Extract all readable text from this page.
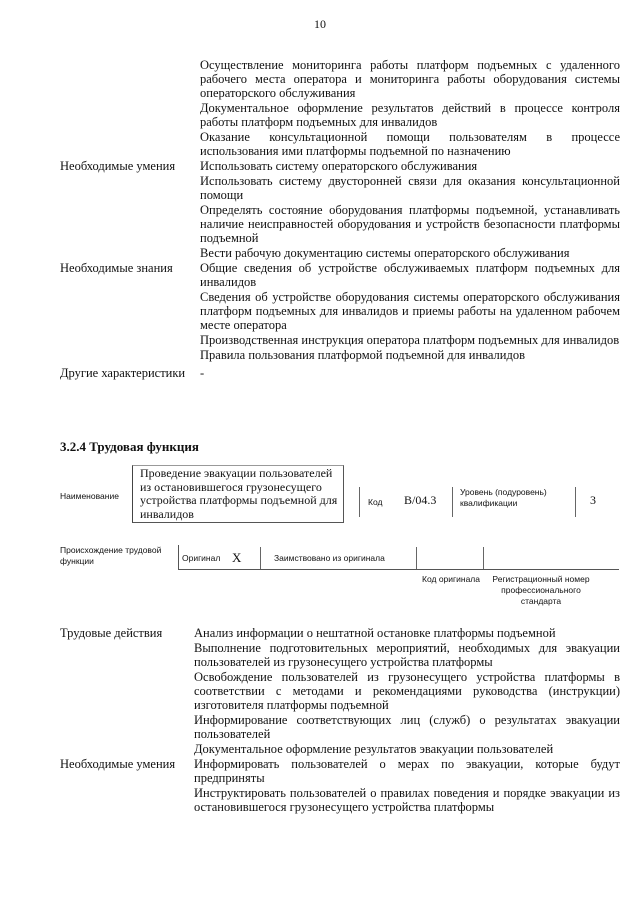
10
Осуществление мониторинга работы платформ подъемных с удаленного рабочего места оператора и мониторинга работы оборудования системы операторского обслуживания
Документальное оформление результатов действий в процессе контроля работы платформ подъемных для инвалидов
Оказание консультационной помощи пользователям в процессе использования ими платформы подъемной по назначению
Необходимые умения	Использовать систему операторского обслуживания
Использовать систему двусторонней связи для оказания консультационной помощи
Определять состояние оборудования платформы подъемной, устанавливать наличие неисправностей оборудования и устройств безопасности платформы подъемной
Вести рабочую документацию системы операторского обслуживания
Необходимые знания	Общие сведения об устройстве обслуживаемых платформ подъемных для инвалидов
Сведения об устройстве оборудования системы операторского обслуживания платформ подъемных для инвалидов и приемы работы на удаленном рабочем месте оператора
Производственная инструкция оператора платформ подъемных для инвалидов
Правила пользования платформой подъемной для инвалидов
Другие характеристики	-
3.2.4 Трудовая функция
Наименование
Проведение эвакуации пользователей из остановившегося грузонесущего устройства платформы подъемной для инвалидов
Код B/04.3
Уровень (подуровень) квалификации	3
Происхождение трудовой функции	Оригинал X	Заимствовано из оригинала
Код оригинала	Регистрационный номер профессионального стандарта
Трудовые действия	Анализ информации о нештатной остановке платформы подъемной
Выполнение подготовительных мероприятий, необходимых для эвакуации пользователей из грузонесущего устройства платформы
Освобождение пользователей из грузонесущего устройства платформы в соответствии с методами и рекомендациями руководства (инструкции) изготовителя платформы подъемной
Информирование соответствующих лиц (служб) о результатах эвакуации пользователей
Документальное оформление результатов эвакуации пользователей
Необходимые умения	Информировать пользователей о мерах по эвакуации, которые будут предприняты
Инструктировать пользователей о правилах поведения и порядке эвакуации из остановившегося грузонесущего устройства платформы
